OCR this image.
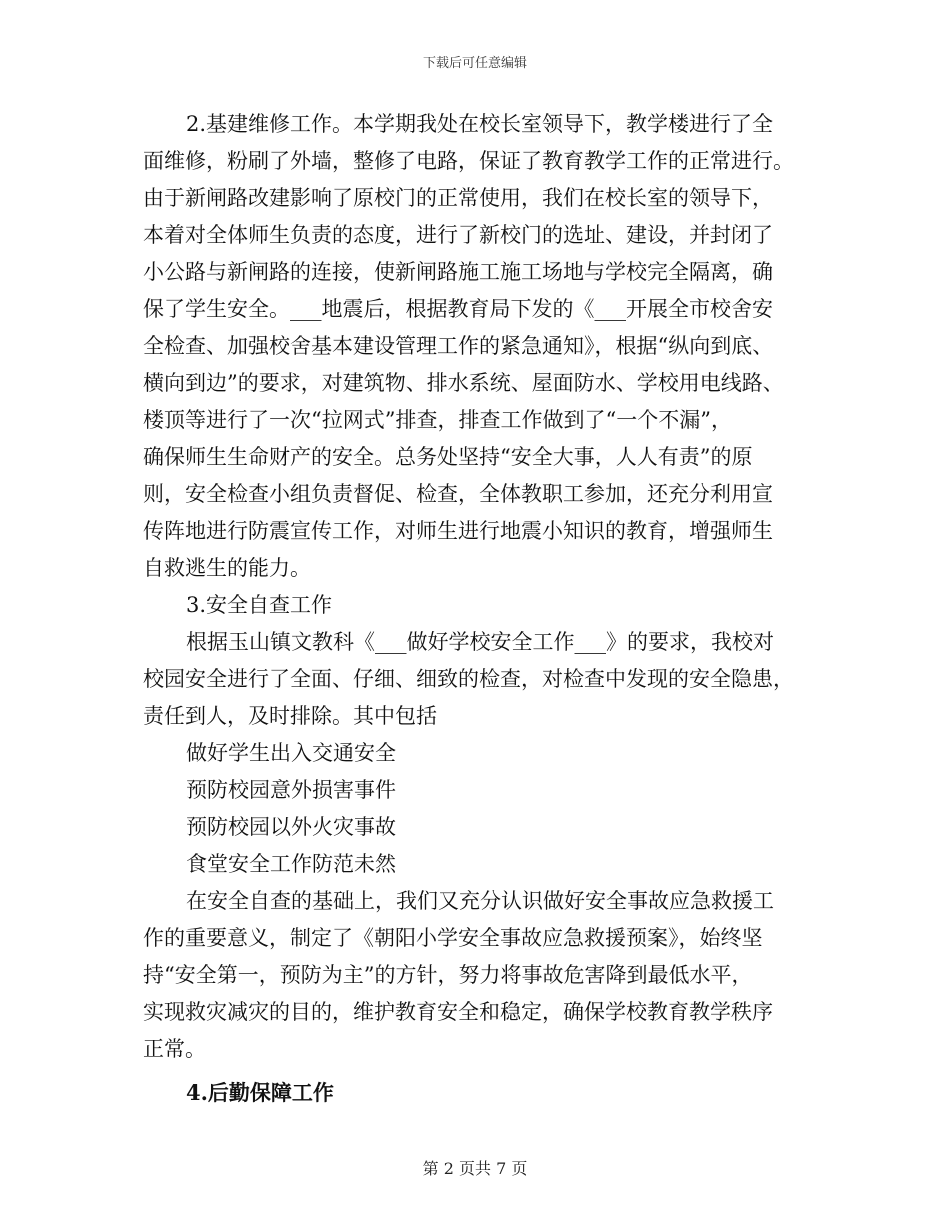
下载后可任意编辑
2.基建维修工作。本学期我处在校长室领导下，教学楼进行了全
面维修，粉刷了外墙，整修了电路，保证了教育教学工作的正常进行。
由于新闸路改建影响了原校门的正常使用，我们在校长室的领导下，
本着对全体师生负责的态度，进行了新校门的选址、建设，并封闭了
小公路与新闸路的连接，使新闸路施工施工场地与学校完全隔离，确
保了学生安全。___地震后，根据教育局下发的《___开展全市校舍安
全检查、加强校舍基本建设管理工作的紧急通知》，根据“纵向到底、
横向到边”的要求，对建筑物、排水系统、屋面防水、学校用电线路、
楼顶等进行了一次“拉网式”排查，排查工作做到了“一个不漏”，
确保师生生命财产的安全。总务处坚持“安全大事，人人有责”的原
则，安全检查小组负责督促、检查，全体教职工参加，还充分利用宣
传阵地进行防震宣传工作，对师生进行地震小知识的教育，增强师生
自救逃生的能力。
3.安全自查工作
根据玉山镇文教科《___做好学校安全工作___》的要求，我校对
校园安全进行了全面、仔细、细致的检查，对检查中发现的安全隐患，
责任到人，及时排除。其中包括
做好学生出入交通安全
预防校园意外损害事件
预防校园以外火灾事故
食堂安全工作防范未然
在安全自查的基础上，我们又充分认识做好安全事故应急救援工
作的重要意义，制定了《朝阳小学安全事故应急救援预案》，始终坚
持“安全第一，预防为主”的方针，努力将事故危害降到最低水平，
实现救灾减灾的目的，维护教育安全和稳定，确保学校教育教学秩序
正常。
4.后勤保障工作
第 2 页共 7 页
